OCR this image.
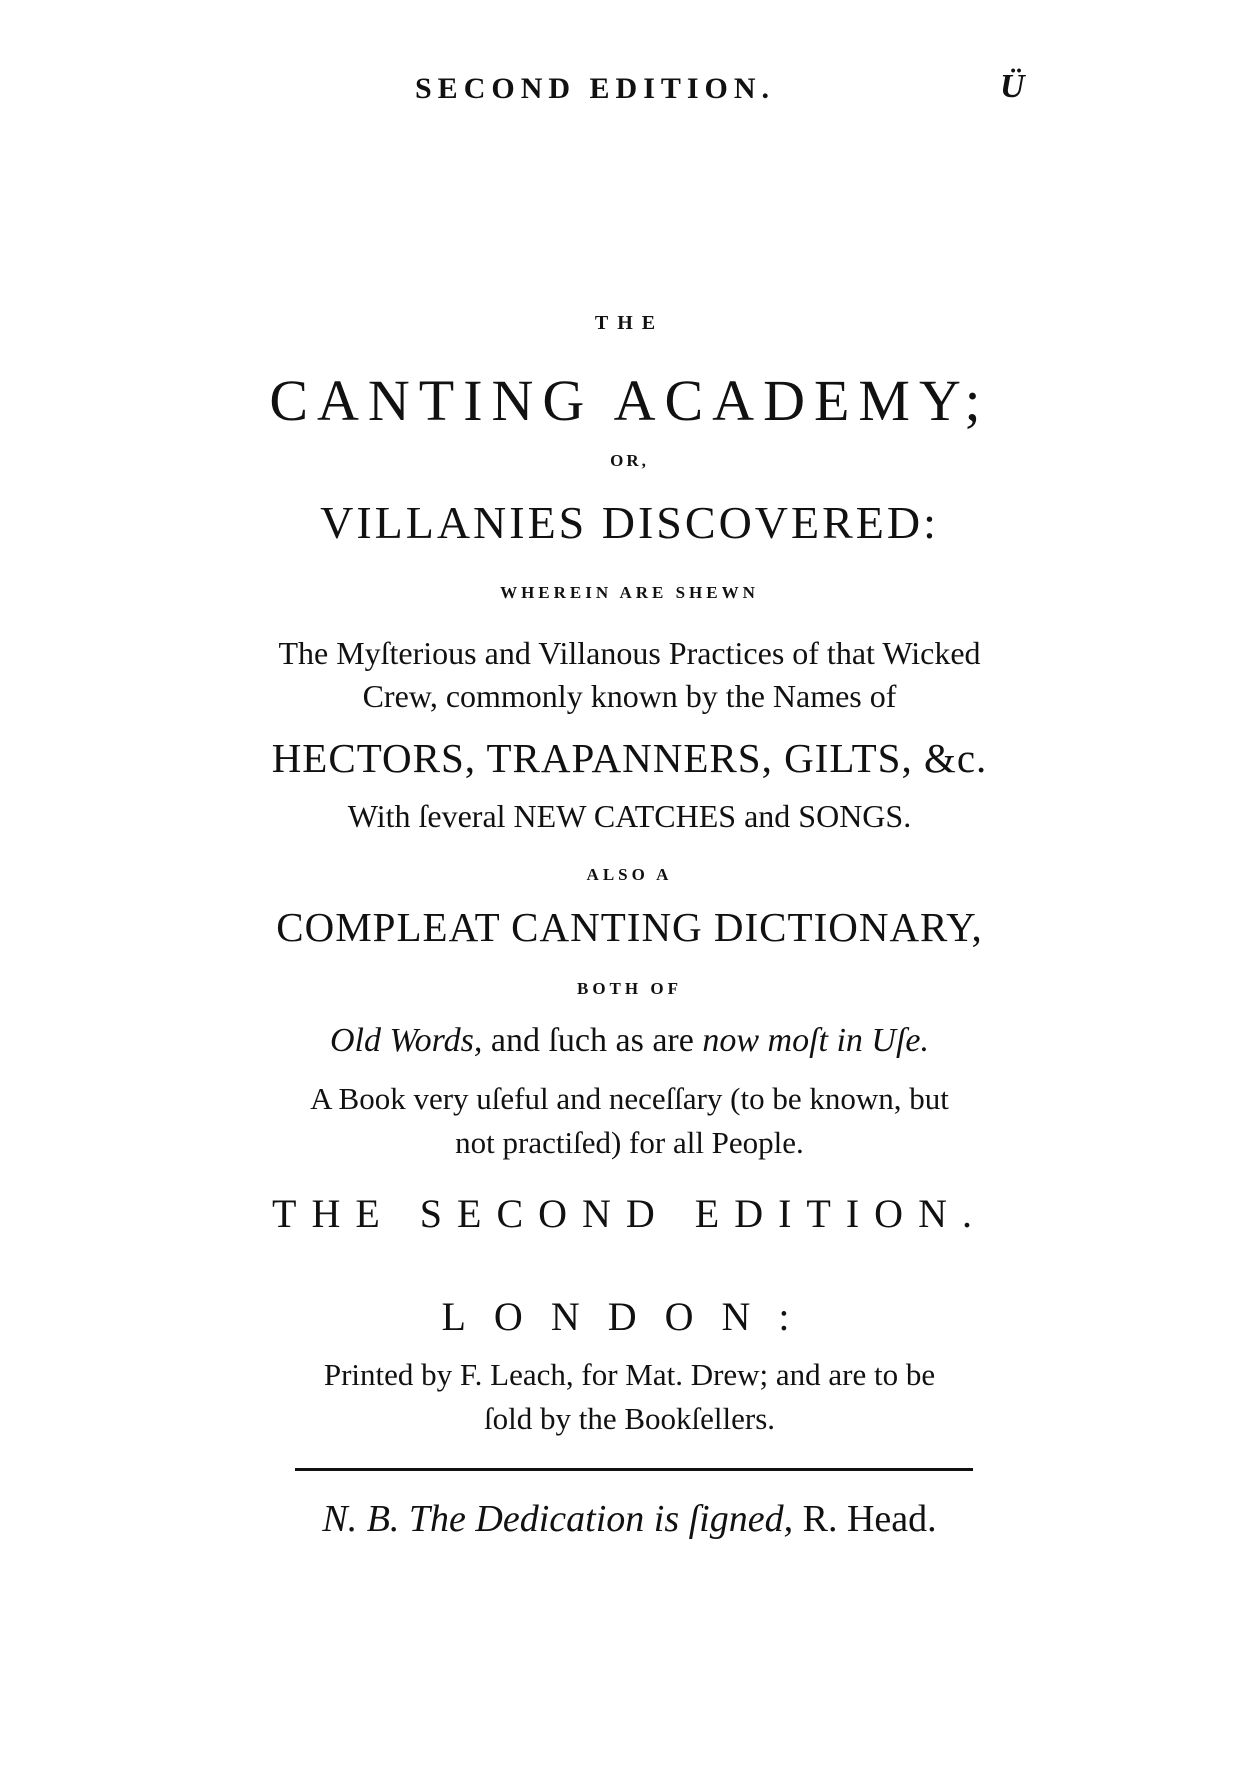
SECOND EDITION.	Ü
THE
CANTING ACADEMY;
OR,
VILLANIES DISCOVERED:
WHEREIN ARE SHEWN
The Myſterious and Villanous Practices of that Wicked
Crew, commonly known by the Names of
HECTORS, TRAPANNERS, GILTS, &c.
With ſeveral NEW CATCHES and SONGS.
ALSO A
COMPLEAT CANTING DICTIONARY,
BOTH OF
Old Words, and ſuch as are now moſt in Uſe.
A Book very uſeful and neceſſary (to be known, but
not practiſed) for all People.
THE SECOND EDITION.
LONDON:
Printed by F. Leach, for Mat. Drew; and are to be
ſold by the Bookſellers.
N. B. The Dedication is ſigned, R. Head.
